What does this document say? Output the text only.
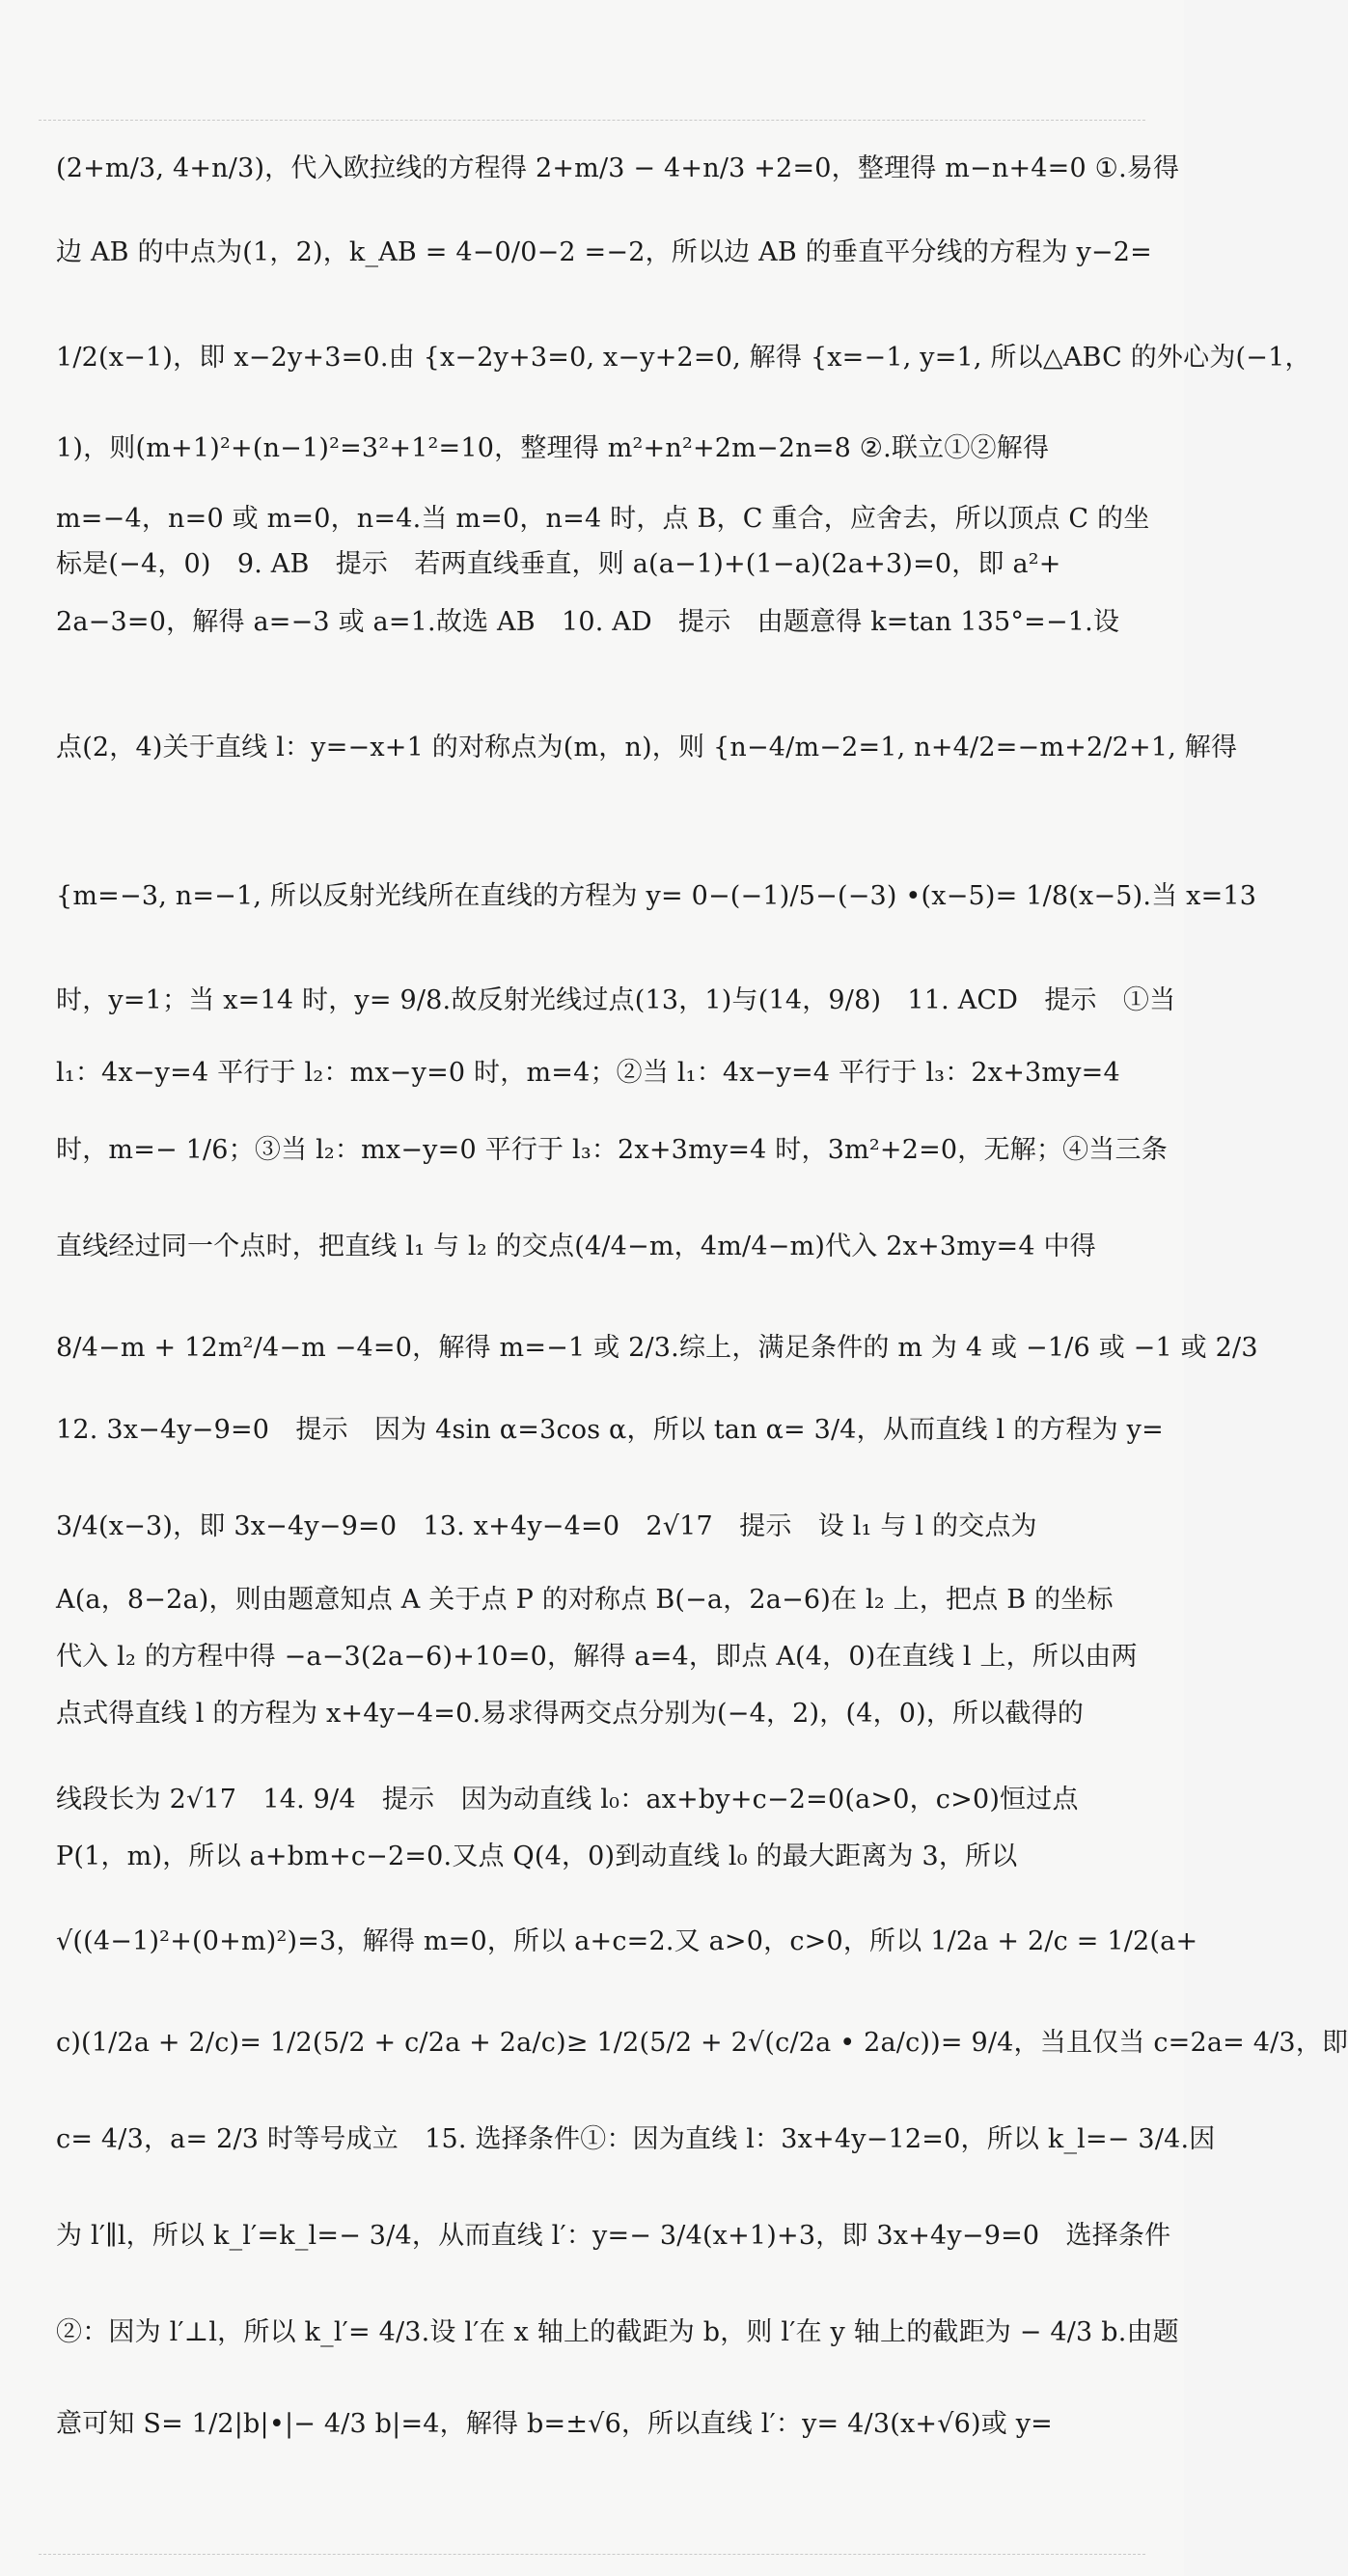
(2+m/3, 4+n/3)，代入欧拉线的方程得 2+m/3 − 4+n/3 +2=0，整理得 m−n+4=0 ①.易得
边 AB 的中点为(1，2)，k_AB = 4−0/0−2 =−2，所以边 AB 的垂直平分线的方程为 y−2=
1/2(x−1)，即 x−2y+3=0.由 {x−2y+3=0, x−y+2=0, 解得 {x=−1, y=1, 所以△ABC 的外心为(−1，
1)，则(m+1)²+(n−1)²=3²+1²=10，整理得 m²+n²+2m−2n=8 ②.联立①②解得
m=−4，n=0 或 m=0，n=4.当 m=0，n=4 时，点 B，C 重合，应舍去，所以顶点 C 的坐
标是(−4，0)　9. AB　提示　若两直线垂直，则 a(a−1)+(1−a)(2a+3)=0，即 a²+
2a−3=0，解得 a=−3 或 a=1.故选 AB　10. AD　提示　由题意得 k=tan 135°=−1.设
点(2，4)关于直线 l：y=−x+1 的对称点为(m，n)，则 {n−4/m−2=1, n+4/2=−m+2/2+1, 解得
{m=−3, n=−1, 所以反射光线所在直线的方程为 y= 0−(−1)/5−(−3) •(x−5)= 1/8(x−5).当 x=13
时，y=1；当 x=14 时，y= 9/8.故反射光线过点(13，1)与(14，9/8)　11. ACD　提示　①当
l₁：4x−y=4 平行于 l₂：mx−y=0 时，m=4；②当 l₁：4x−y=4 平行于 l₃：2x+3my=4
时，m=− 1/6；③当 l₂：mx−y=0 平行于 l₃：2x+3my=4 时，3m²+2=0，无解；④当三条
直线经过同一个点时，把直线 l₁ 与 l₂ 的交点(4/4−m，4m/4−m)代入 2x+3my=4 中得
8/4−m + 12m²/4−m −4=0，解得 m=−1 或 2/3.综上，满足条件的 m 为 4 或 −1/6 或 −1 或 2/3
12. 3x−4y−9=0　提示　因为 4sin α=3cos α，所以 tan α= 3/4，从而直线 l 的方程为 y=
3/4(x−3)，即 3x−4y−9=0　13. x+4y−4=0　2√17　提示　设 l₁ 与 l 的交点为
A(a，8−2a)，则由题意知点 A 关于点 P 的对称点 B(−a，2a−6)在 l₂ 上，把点 B 的坐标
代入 l₂ 的方程中得 −a−3(2a−6)+10=0，解得 a=4，即点 A(4，0)在直线 l 上，所以由两
点式得直线 l 的方程为 x+4y−4=0.易求得两交点分别为(−4，2)，(4，0)，所以截得的
线段长为 2√17　14. 9/4　提示　因为动直线 l₀：ax+by+c−2=0(a>0，c>0)恒过点
P(1，m)，所以 a+bm+c−2=0.又点 Q(4，0)到动直线 l₀ 的最大距离为 3，所以
√((4−1)²+(0+m)²)=3，解得 m=0，所以 a+c=2.又 a>0，c>0，所以 1/2a + 2/c = 1/2(a+
c)(1/2a + 2/c)= 1/2(5/2 + c/2a + 2a/c)≥ 1/2(5/2 + 2√(c/2a • 2a/c))= 9/4，当且仅当 c=2a= 4/3，即
c= 4/3，a= 2/3 时等号成立　15. 选择条件①：因为直线 l：3x+4y−12=0，所以 k_l=− 3/4.因
为 l′∥l，所以 k_l′=k_l=− 3/4，从而直线 l′：y=− 3/4(x+1)+3，即 3x+4y−9=0　选择条件
②：因为 l′⊥l，所以 k_l′= 4/3.设 l′在 x 轴上的截距为 b，则 l′在 y 轴上的截距为 − 4/3 b.由题
意可知 S= 1/2|b|•|− 4/3 b|=4，解得 b=±√6，所以直线 l′：y= 4/3(x+√6)或 y=
